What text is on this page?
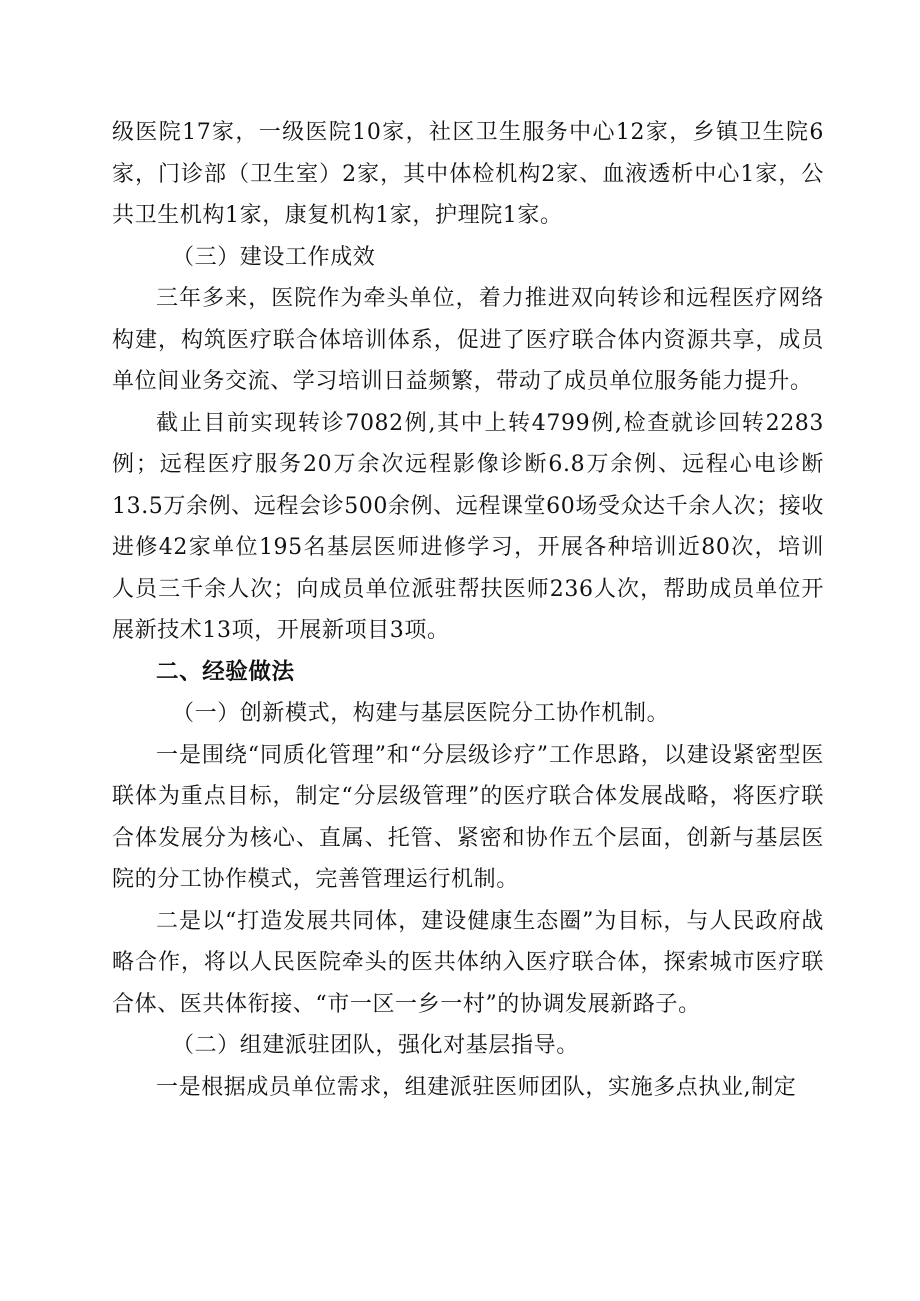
级医院17家，一级医院10家，社区卫生服务中心12家，乡镇卫生院6家，门诊部（卫生室）2家，其中体检机构2家、血液透析中心1家，公共卫生机构1家，康复机构1家，护理院1家。

（三）建设工作成效

三年多来，医院作为牵头单位，着力推进双向转诊和远程医疗网络构建，构筑医疗联合体培训体系，促进了医疗联合体内资源共享，成员单位间业务交流、学习培训日益频繁，带动了成员单位服务能力提升。

截止目前实现转诊7082例,其中上转4799例,检查就诊回转2283例；远程医疗服务20万余次远程影像诊断6.8万余例、远程心电诊断13.5万余例、远程会诊500余例、远程课堂60场受众达千余人次；接收进修42家单位195名基层医师进修学习，开展各种培训近80次，培训人员三千余人次；向成员单位派驻帮扶医师236人次，帮助成员单位开展新技术13项，开展新项目3项。

二、经验做法

（一）创新模式，构建与基层医院分工协作机制。

一是围绕“同质化管理”和“分层级诊疗”工作思路，以建设紧密型医联体为重点目标，制定“分层级管理”的医疗联合体发展战略，将医疗联合体发展分为核心、直属、托管、紧密和协作五个层面，创新与基层医院的分工协作模式，完善管理运行机制。

二是以“打造发展共同体，建设健康生态圈”为目标，与人民政府战略合作，将以人民医院牵头的医共体纳入医疗联合体，探索城市医疗联合体、医共体衔接、“市一区一乡一村”的协调发展新路子。

（二）组建派驻团队，强化对基层指导。

一是根据成员单位需求，组建派驻医师团队，实施多点执业,制定
